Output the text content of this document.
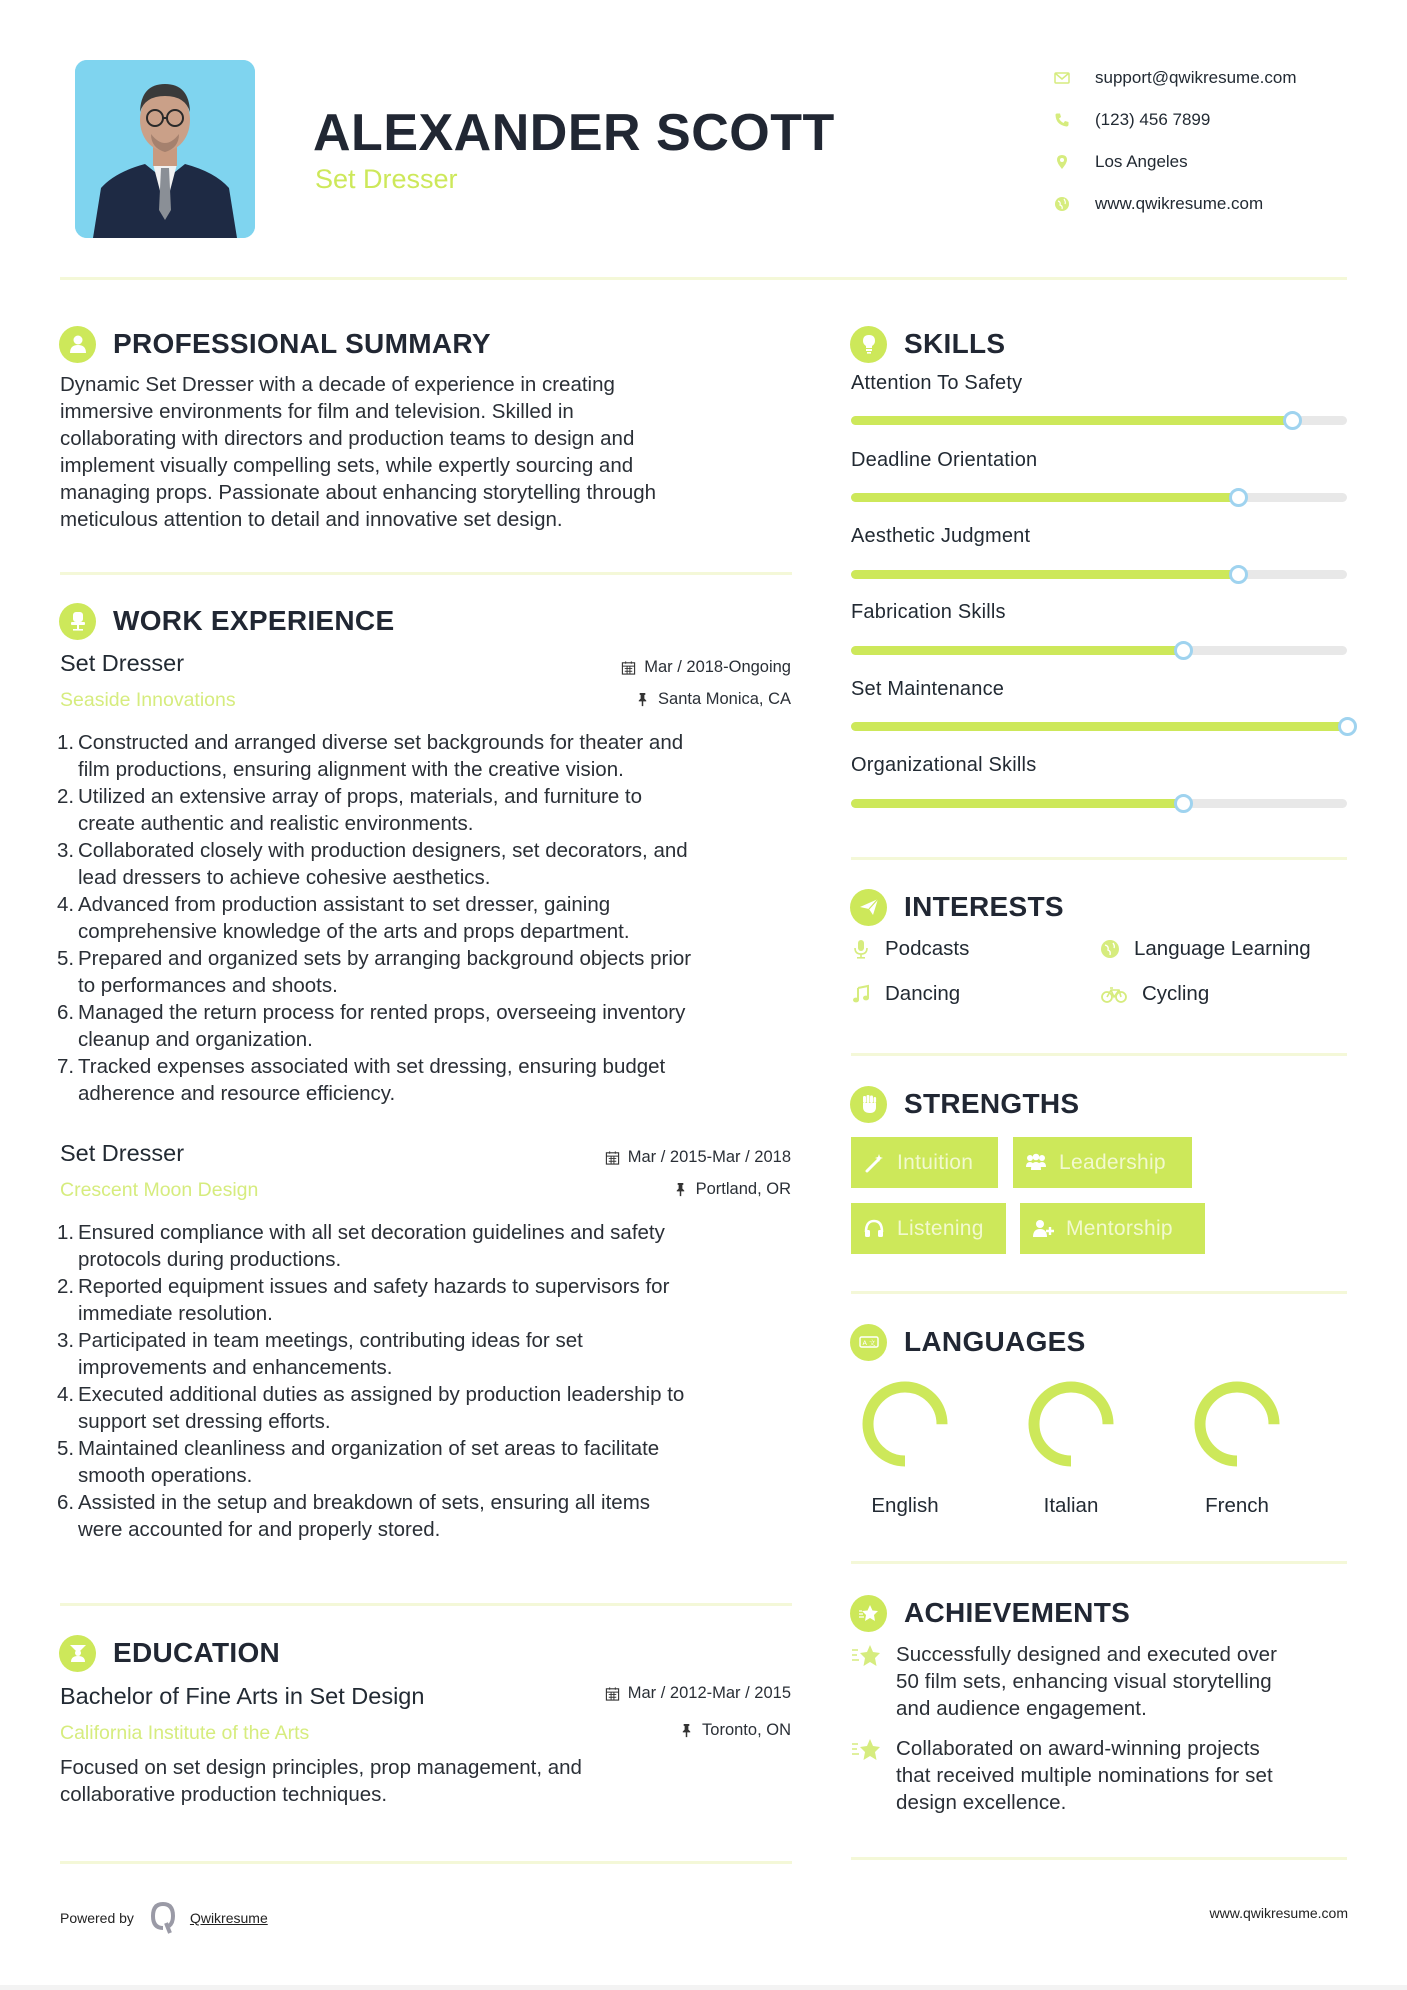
ALEXANDER SCOTT
Set Dresser
support@qwikresume.com
(123) 456 7899
Los Angeles
www.qwikresume.com
PROFESSIONAL SUMMARY
Dynamic Set Dresser with a decade of experience in creating
immersive environments for film and television. Skilled in
collaborating with directors and production teams to design and
implement visually compelling sets, while expertly sourcing and
managing props. Passionate about enhancing storytelling through
meticulous attention to detail and innovative set design.
WORK EXPERIENCE
Set Dresser
Seaside Innovations
Mar / 2018-Ongoing
Santa Monica, CA
1. Constructed and arranged diverse set backgrounds for theater and
film productions, ensuring alignment with the creative vision.
2. Utilized an extensive array of props, materials, and furniture to
create authentic and realistic environments.
3. Collaborated closely with production designers, set decorators, and
lead dressers to achieve cohesive aesthetics.
4. Advanced from production assistant to set dresser, gaining
comprehensive knowledge of the arts and props department.
5. Prepared and organized sets by arranging background objects prior
to performances and shoots.
6. Managed the return process for rented props, overseeing inventory
cleanup and organization.
7. Tracked expenses associated with set dressing, ensuring budget
adherence and resource efficiency.
Set Dresser
Crescent Moon Design
Mar / 2015-Mar / 2018
Portland, OR
1. Ensured compliance with all set decoration guidelines and safety
protocols during productions.
2. Reported equipment issues and safety hazards to supervisors for
immediate resolution.
3. Participated in team meetings, contributing ideas for set
improvements and enhancements.
4. Executed additional duties as assigned by production leadership to
support set dressing efforts.
5. Maintained cleanliness and organization of set areas to facilitate
smooth operations.
6. Assisted in the setup and breakdown of sets, ensuring all items
were accounted for and properly stored.
EDUCATION
Bachelor of Fine Arts in Set Design
California Institute of the Arts
Mar / 2012-Mar / 2015
Toronto, ON
Focused on set design principles, prop management, and
collaborative production techniques.
SKILLS
Attention To Safety
Deadline Orientation
Aesthetic Judgment
Fabrication Skills
Set Maintenance
Organizational Skills
INTERESTS
Podcasts	Language Learning
Dancing	Cycling
STRENGTHS
Intuition	Leadership
Listening	Mentorship
A 文 LANGUAGES
English	Italian	French
ACHIEVEMENTS
Successfully designed and executed over
50 film sets, enhancing visual storytelling
and audience engagement.
Collaborated on award-winning projects
that received multiple nominations for set
design excellence.
Powered by	Qwikresume	www.qwikresume.com
